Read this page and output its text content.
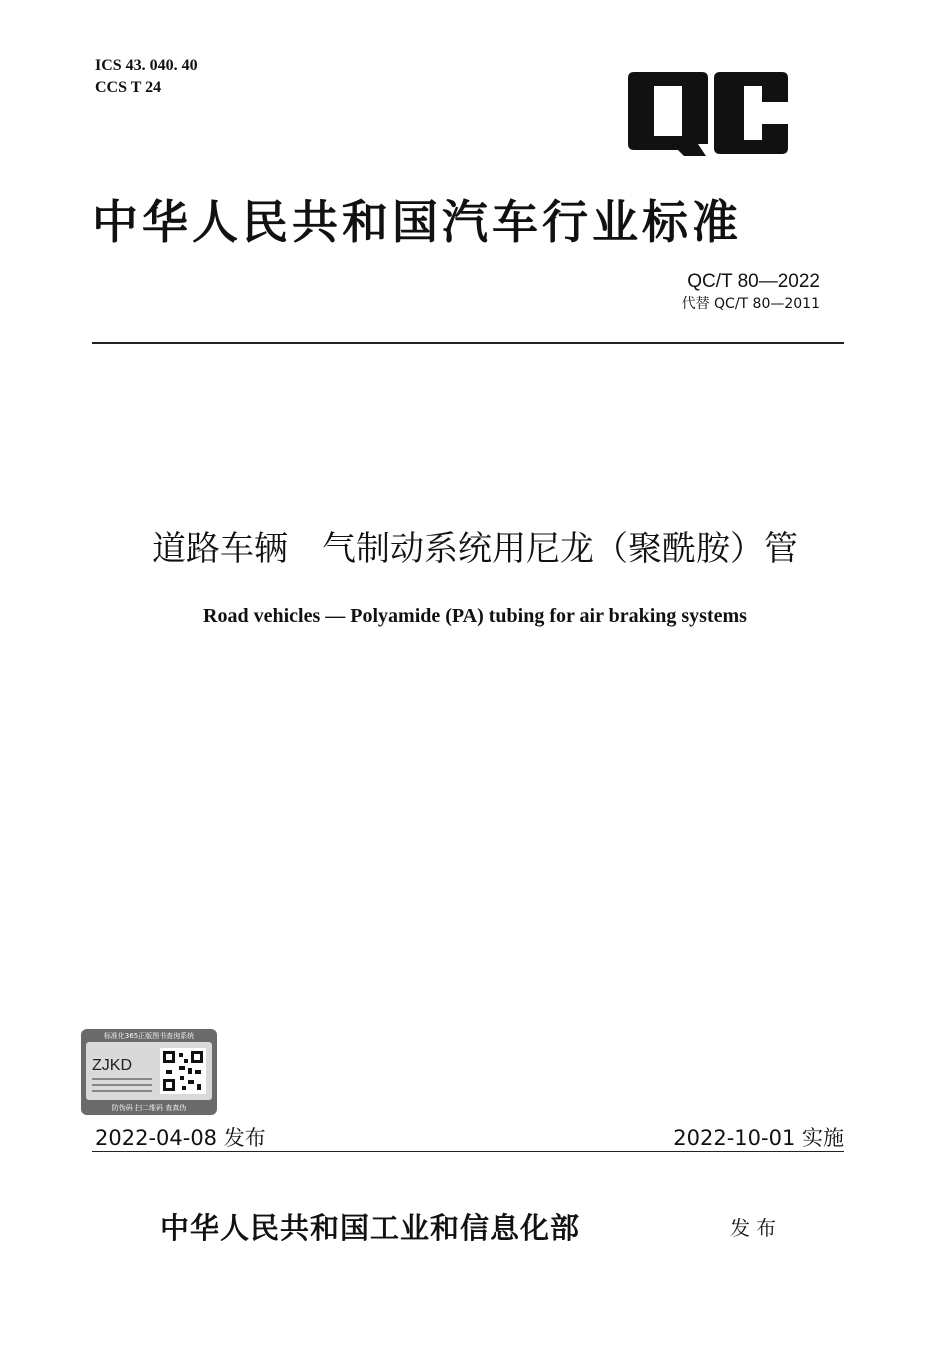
ICS 43. 040. 40
CCS T 24
QC
中华人民共和国汽车行业标准
QC/T 80—2022
代替 QC/T 80—2011
道路车辆 气制动系统用尼龙（聚酰胺）管
Road vehicles — Polyamide (PA) tubing for air braking systems
标准化365正版图书查询系统
ZJKD
防伪码 扫二维码 查真伪
2022-04-08 发布	2022-10-01 实施
中华人民共和国工业和信息化部	发布
